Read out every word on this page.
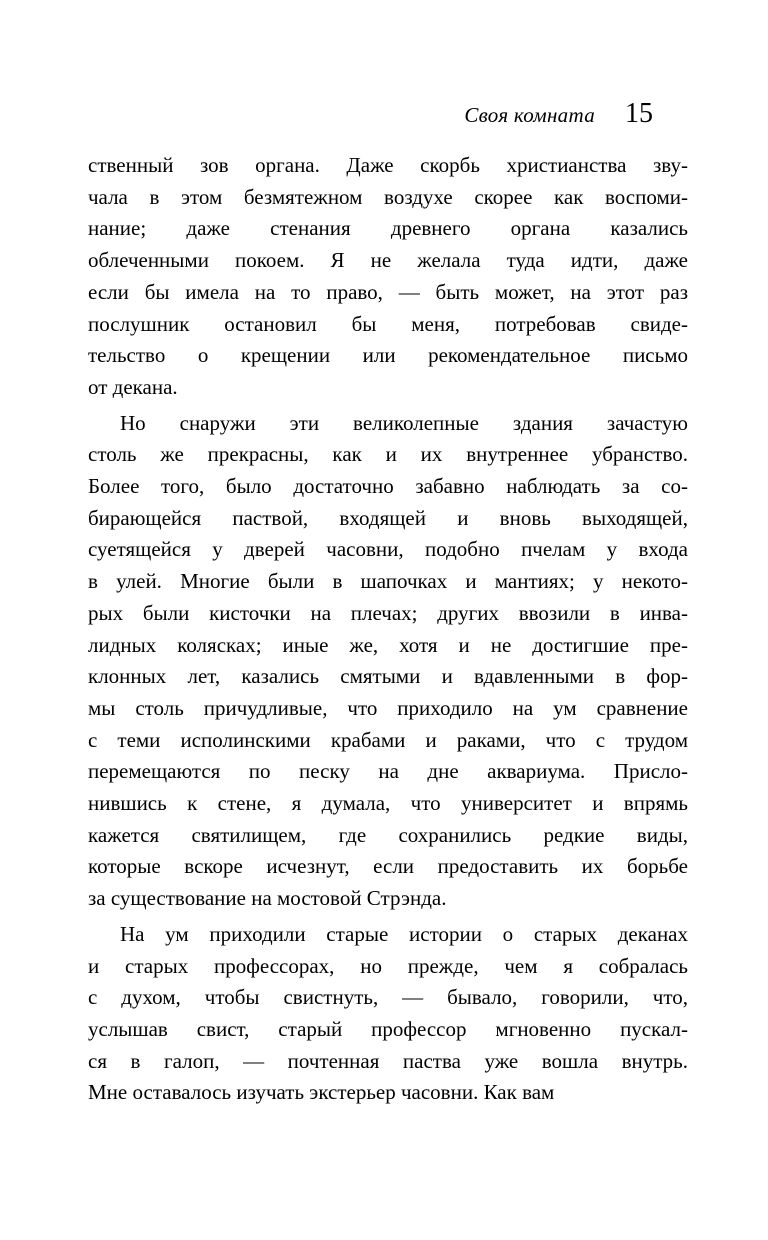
Своя комната 15
ственный зов органа. Даже скорбь христианства зву-
чала в этом безмятежном воздухе скорее как воспоми-
нание; даже стенания древнего органа казались
облеченными покоем. Я не желала туда идти, даже
если бы имела на то право, — быть может, на этот раз
послушник остановил бы меня, потребовав свиде-
тельство о крещении или рекомендательное письмо
от декана.
Но снаружи эти великолепные здания зачастую
столь же прекрасны, как и их внутреннее убранство.
Более того, было достаточно забавно наблюдать за со-
бирающейся паствой, входящей и вновь выходящей,
суетящейся у дверей часовни, подобно пчелам у входа
в улей. Многие были в шапочках и мантиях; у некото-
рых были кисточки на плечах; других ввозили в инва-
лидных колясках; иные же, хотя и не достигшие пре-
клонных лет, казались смятыми и вдавленными в фор-
мы столь причудливые, что приходило на ум сравнение
с теми исполинскими крабами и раками, что с трудом
перемещаются по песку на дне аквариума. Присло-
нившись к стене, я думала, что университет и впрямь
кажется святилищем, где сохранились редкие виды,
которые вскоре исчезнут, если предоставить их борьбе
за существование на мостовой Стрэнда.
На ум приходили старые истории о старых деканах
и старых профессорах, но прежде, чем я собралась
с духом, чтобы свистнуть, — бывало, говорили, что,
услышав свист, старый профессор мгновенно пускал-
ся в галоп, — почтенная паства уже вошла внутрь.
Мне оставалось изучать экстерьер часовни. Как вам
